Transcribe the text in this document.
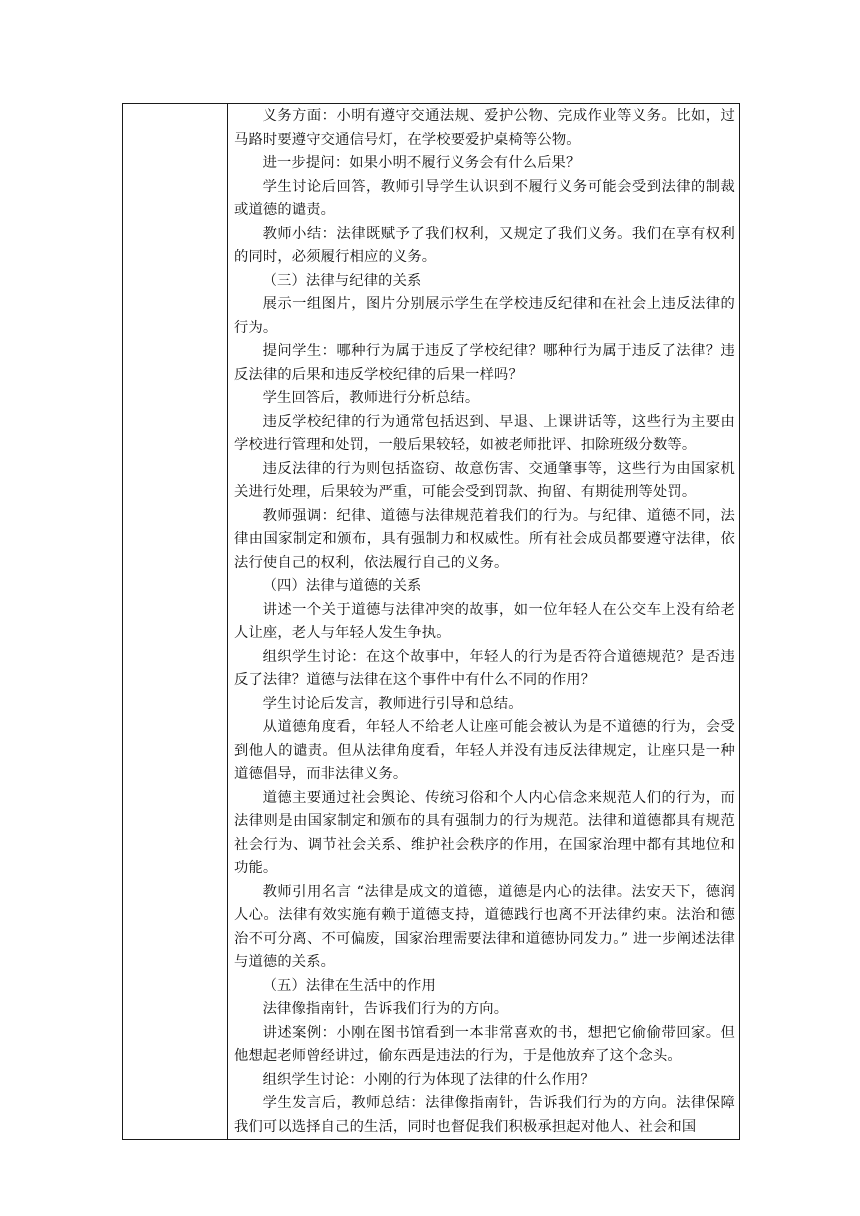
义务方面：小明有遵守交通法规、爱护公物、完成作业等义务。比如，过马路时要遵守交通信号灯，在学校要爱护桌椅等公物。

进一步提问：如果小明不履行义务会有什么后果？

学生讨论后回答，教师引导学生认识到不履行义务可能会受到法律的制裁或道德的谴责。

教师小结：法律既赋予了我们权利，又规定了我们义务。我们在享有权利的同时，必须履行相应的义务。

（三）法律与纪律的关系

展示一组图片，图片分别展示学生在学校违反纪律和在社会上违反法律的行为。

提问学生：哪种行为属于违反了学校纪律？哪种行为属于违反了法律？违反法律的后果和违反学校纪律的后果一样吗？

学生回答后，教师进行分析总结。

违反学校纪律的行为通常包括迟到、早退、上课讲话等，这些行为主要由学校进行管理和处罚，一般后果较轻，如被老师批评、扣除班级分数等。

违反法律的行为则包括盗窃、故意伤害、交通肇事等，这些行为由国家机关进行处理，后果较为严重，可能会受到罚款、拘留、有期徒刑等处罚。

教师强调：纪律、道德与法律规范着我们的行为。与纪律、道德不同，法律由国家制定和颁布，具有强制力和权威性。所有社会成员都要遵守法律，依法行使自己的权利，依法履行自己的义务。

（四）法律与道德的关系

讲述一个关于道德与法律冲突的故事，如一位年轻人在公交车上没有给老人让座，老人与年轻人发生争执。

组织学生讨论：在这个故事中，年轻人的行为是否符合道德规范？是否违反了法律？道德与法律在这个事件中有什么不同的作用？

学生讨论后发言，教师进行引导和总结。

从道德角度看，年轻人不给老人让座可能会被认为是不道德的行为，会受到他人的谴责。但从法律角度看，年轻人并没有违反法律规定，让座只是一种道德倡导，而非法律义务。

道德主要通过社会舆论、传统习俗和个人内心信念来规范人们的行为，而法律则是由国家制定和颁布的具有强制力的行为规范。法律和道德都具有规范社会行为、调节社会关系、维护社会秩序的作用，在国家治理中都有其地位和功能。

教师引用名言 “法律是成文的道德，道德是内心的法律。法安天下，德润人心。法律有效实施有赖于道德支持，道德践行也离不开法律约束。法治和德治不可分离、不可偏废，国家治理需要法律和道德协同发力。” 进一步阐述法律与道德的关系。

（五）法律在生活中的作用

法律像指南针，告诉我们行为的方向。

讲述案例：小刚在图书馆看到一本非常喜欢的书，想把它偷偷带回家。但他想起老师曾经讲过，偷东西是违法的行为，于是他放弃了这个念头。

组织学生讨论：小刚的行为体现了法律的什么作用？

学生发言后，教师总结：法律像指南针，告诉我们行为的方向。法律保障我们可以选择自己的生活，同时也督促我们积极承担起对他人、社会和国
